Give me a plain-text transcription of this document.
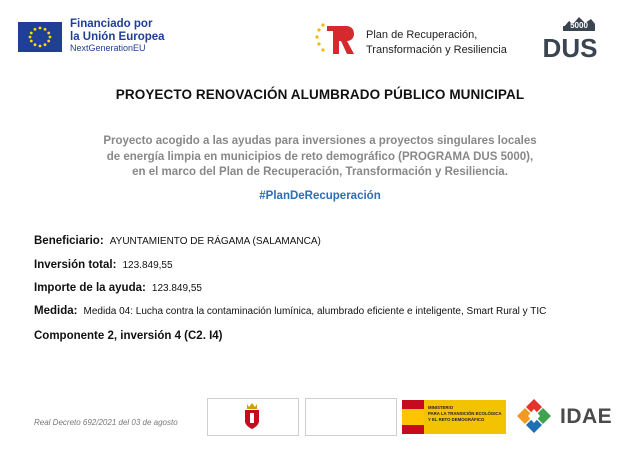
Financiado por
la Unión Europea
NextGenerationEU
Plan de Recuperación,
Transformación y Resiliencia
5000
DUS
PROYECTO RENOVACIÓN ALUMBRADO PÚBLICO MUNICIPAL
Proyecto acogido a las ayudas para inversiones a proyectos singulares locales
de energía limpia en municipios de reto demográfico (PROGRAMA DUS 5000),
en el marco del Plan de Recuperación, Transformación y Resiliencia.
#PlanDeRecuperación
Beneficiario: AYUNTAMIENTO DE RÁGAMA (SALAMANCA)
Inversión total: 123.849,55
Importe de la ayuda: 123.849,55
Medida: Medida 04: Lucha contra la contaminación lumínica, alumbrado eficiente e inteligente, Smart Rural y TIC
Componente 2, inversión 4 (C2. I4)
Real Decreto 692/2021 del 03 de agosto
MINISTERIO
PARA LA TRANSICIÓN ECOLÓGICA
Y EL RETO DEMOGRÁFICO	IDAE
